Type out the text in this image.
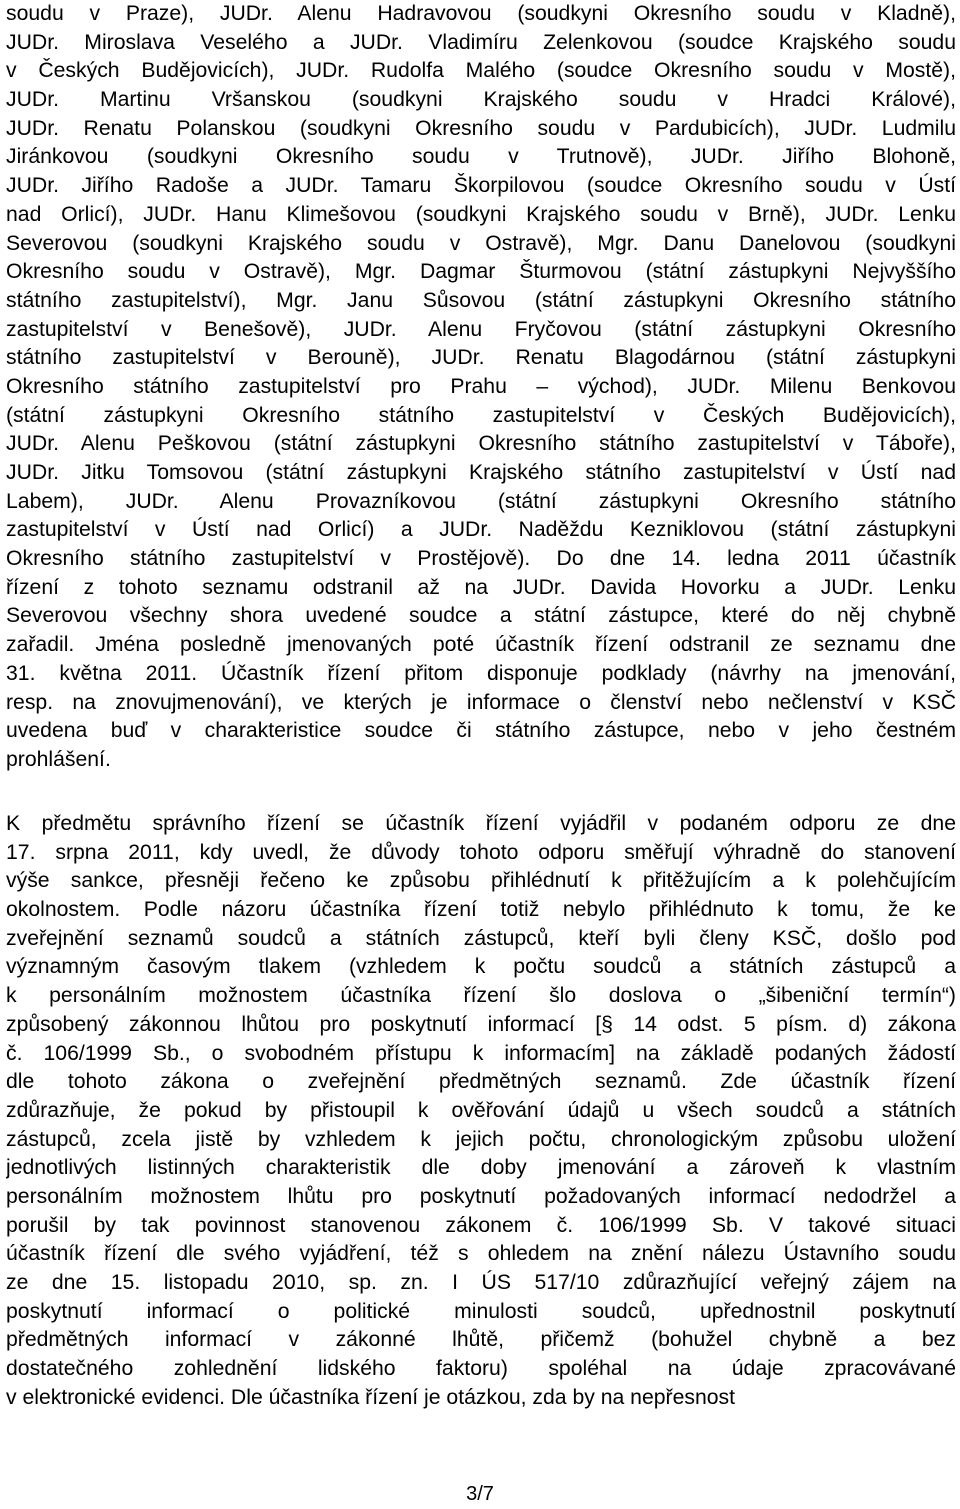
soudu v Praze), JUDr. Alenu Hadravovou (soudkyni Okresního soudu v Kladně),
JUDr. Miroslava Veselého a JUDr. Vladimíru Zelenkovou (soudce Krajského soudu
v Českých Budějovicích), JUDr. Rudolfa Malého (soudce Okresního soudu v Mostě),
JUDr. Martinu Vršanskou (soudkyni Krajského soudu v Hradci Králové),
JUDr. Renatu Polanskou (soudkyni Okresního soudu v Pardubicích), JUDr. Ludmilu
Jiránkovou (soudkyni Okresního soudu v Trutnově), JUDr. Jiřího Blohoně,
JUDr. Jiřího Radoše a JUDr. Tamaru Škorpilovou (soudce Okresního soudu v Ústí
nad Orlicí), JUDr. Hanu Klimešovou (soudkyni Krajského soudu v Brně), JUDr. Lenku
Severovou (soudkyni Krajského soudu v Ostravě), Mgr. Danu Danelovou (soudkyni
Okresního soudu v Ostravě), Mgr. Dagmar Šturmovou (státní zástupkyni Nejvyššího
státního zastupitelství), Mgr. Janu Sůsovou (státní zástupkyni Okresního státního
zastupitelství v Benešově), JUDr. Alenu Fryčovou (státní zástupkyni Okresního
státního zastupitelství v Berouně), JUDr. Renatu Blagodárnou (státní zástupkyni
Okresního státního zastupitelství pro Prahu – východ), JUDr. Milenu Benkovou
(státní zástupkyni Okresního státního zastupitelství v Českých Budějovicích),
JUDr. Alenu Peškovou (státní zástupkyni Okresního státního zastupitelství v Táboře),
JUDr. Jitku Tomsovou (státní zástupkyni Krajského státního zastupitelství v Ústí nad
Labem), JUDr. Alenu Provazníkovou (státní zástupkyni Okresního státního
zastupitelství v Ústí nad Orlicí) a JUDr. Naděždu Kezniklovou (státní zástupkyni
Okresního státního zastupitelství v Prostějově). Do dne 14. ledna 2011 účastník
řízení z tohoto seznamu odstranil až na JUDr. Davida Hovorku a JUDr. Lenku
Severovou všechny shora uvedené soudce a státní zástupce, které do něj chybně
zařadil. Jména posledně jmenovaných poté účastník řízení odstranil ze seznamu dne
31. května 2011. Účastník řízení přitom disponuje podklady (návrhy na jmenování,
resp. na znovujmenování), ve kterých je informace o členství nebo nečlenství v KSČ
uvedena buď v charakteristice soudce či státního zástupce, nebo v jeho čestném
prohlášení.
K předmětu správního řízení se účastník řízení vyjádřil v podaném odporu ze dne
17. srpna 2011, kdy uvedl, že důvody tohoto odporu směřují výhradně do stanovení
výše sankce, přesněji řečeno ke způsobu přihlédnutí k přitěžujícím a k polehčujícím
okolnostem. Podle názoru účastníka řízení totiž nebylo přihlédnuto k tomu, že ke
zveřejnění seznamů soudců a státních zástupců, kteří byli členy KSČ, došlo pod
významným časovým tlakem (vzhledem k počtu soudců a státních zástupců a
k personálním možnostem účastníka řízení šlo doslova o „šibeniční termín“)
způsobený zákonnou lhůtou pro poskytnutí informací [§ 14 odst. 5 písm. d) zákona
č. 106/1999 Sb., o svobodném přístupu k informacím] na základě podaných žádostí
dle tohoto zákona o zveřejnění předmětných seznamů. Zde účastník řízení
zdůrazňuje, že pokud by přistoupil k ověřování údajů u všech soudců a státních
zástupců, zcela jistě by vzhledem k jejich počtu, chronologickým způsobu uložení
jednotlivých listinných charakteristik dle doby jmenování a zároveň k vlastním
personálním možnostem lhůtu pro poskytnutí požadovaných informací nedodržel a
porušil by tak povinnost stanovenou zákonem č. 106/1999 Sb. V takové situaci
účastník řízení dle svého vyjádření, též s ohledem na znění nálezu Ústavního soudu
ze dne 15. listopadu 2010, sp. zn. I ÚS 517/10 zdůrazňující veřejný zájem na
poskytnutí informací o politické minulosti soudců, upřednostnil poskytnutí
předmětných informací v zákonné lhůtě, přičemž (bohužel chybně a bez
dostatečného zohlednění lidského faktoru) spoléhal na údaje zpracovávané
v elektronické evidenci. Dle účastníka řízení je otázkou, zda by na nepřesnost
3/7
